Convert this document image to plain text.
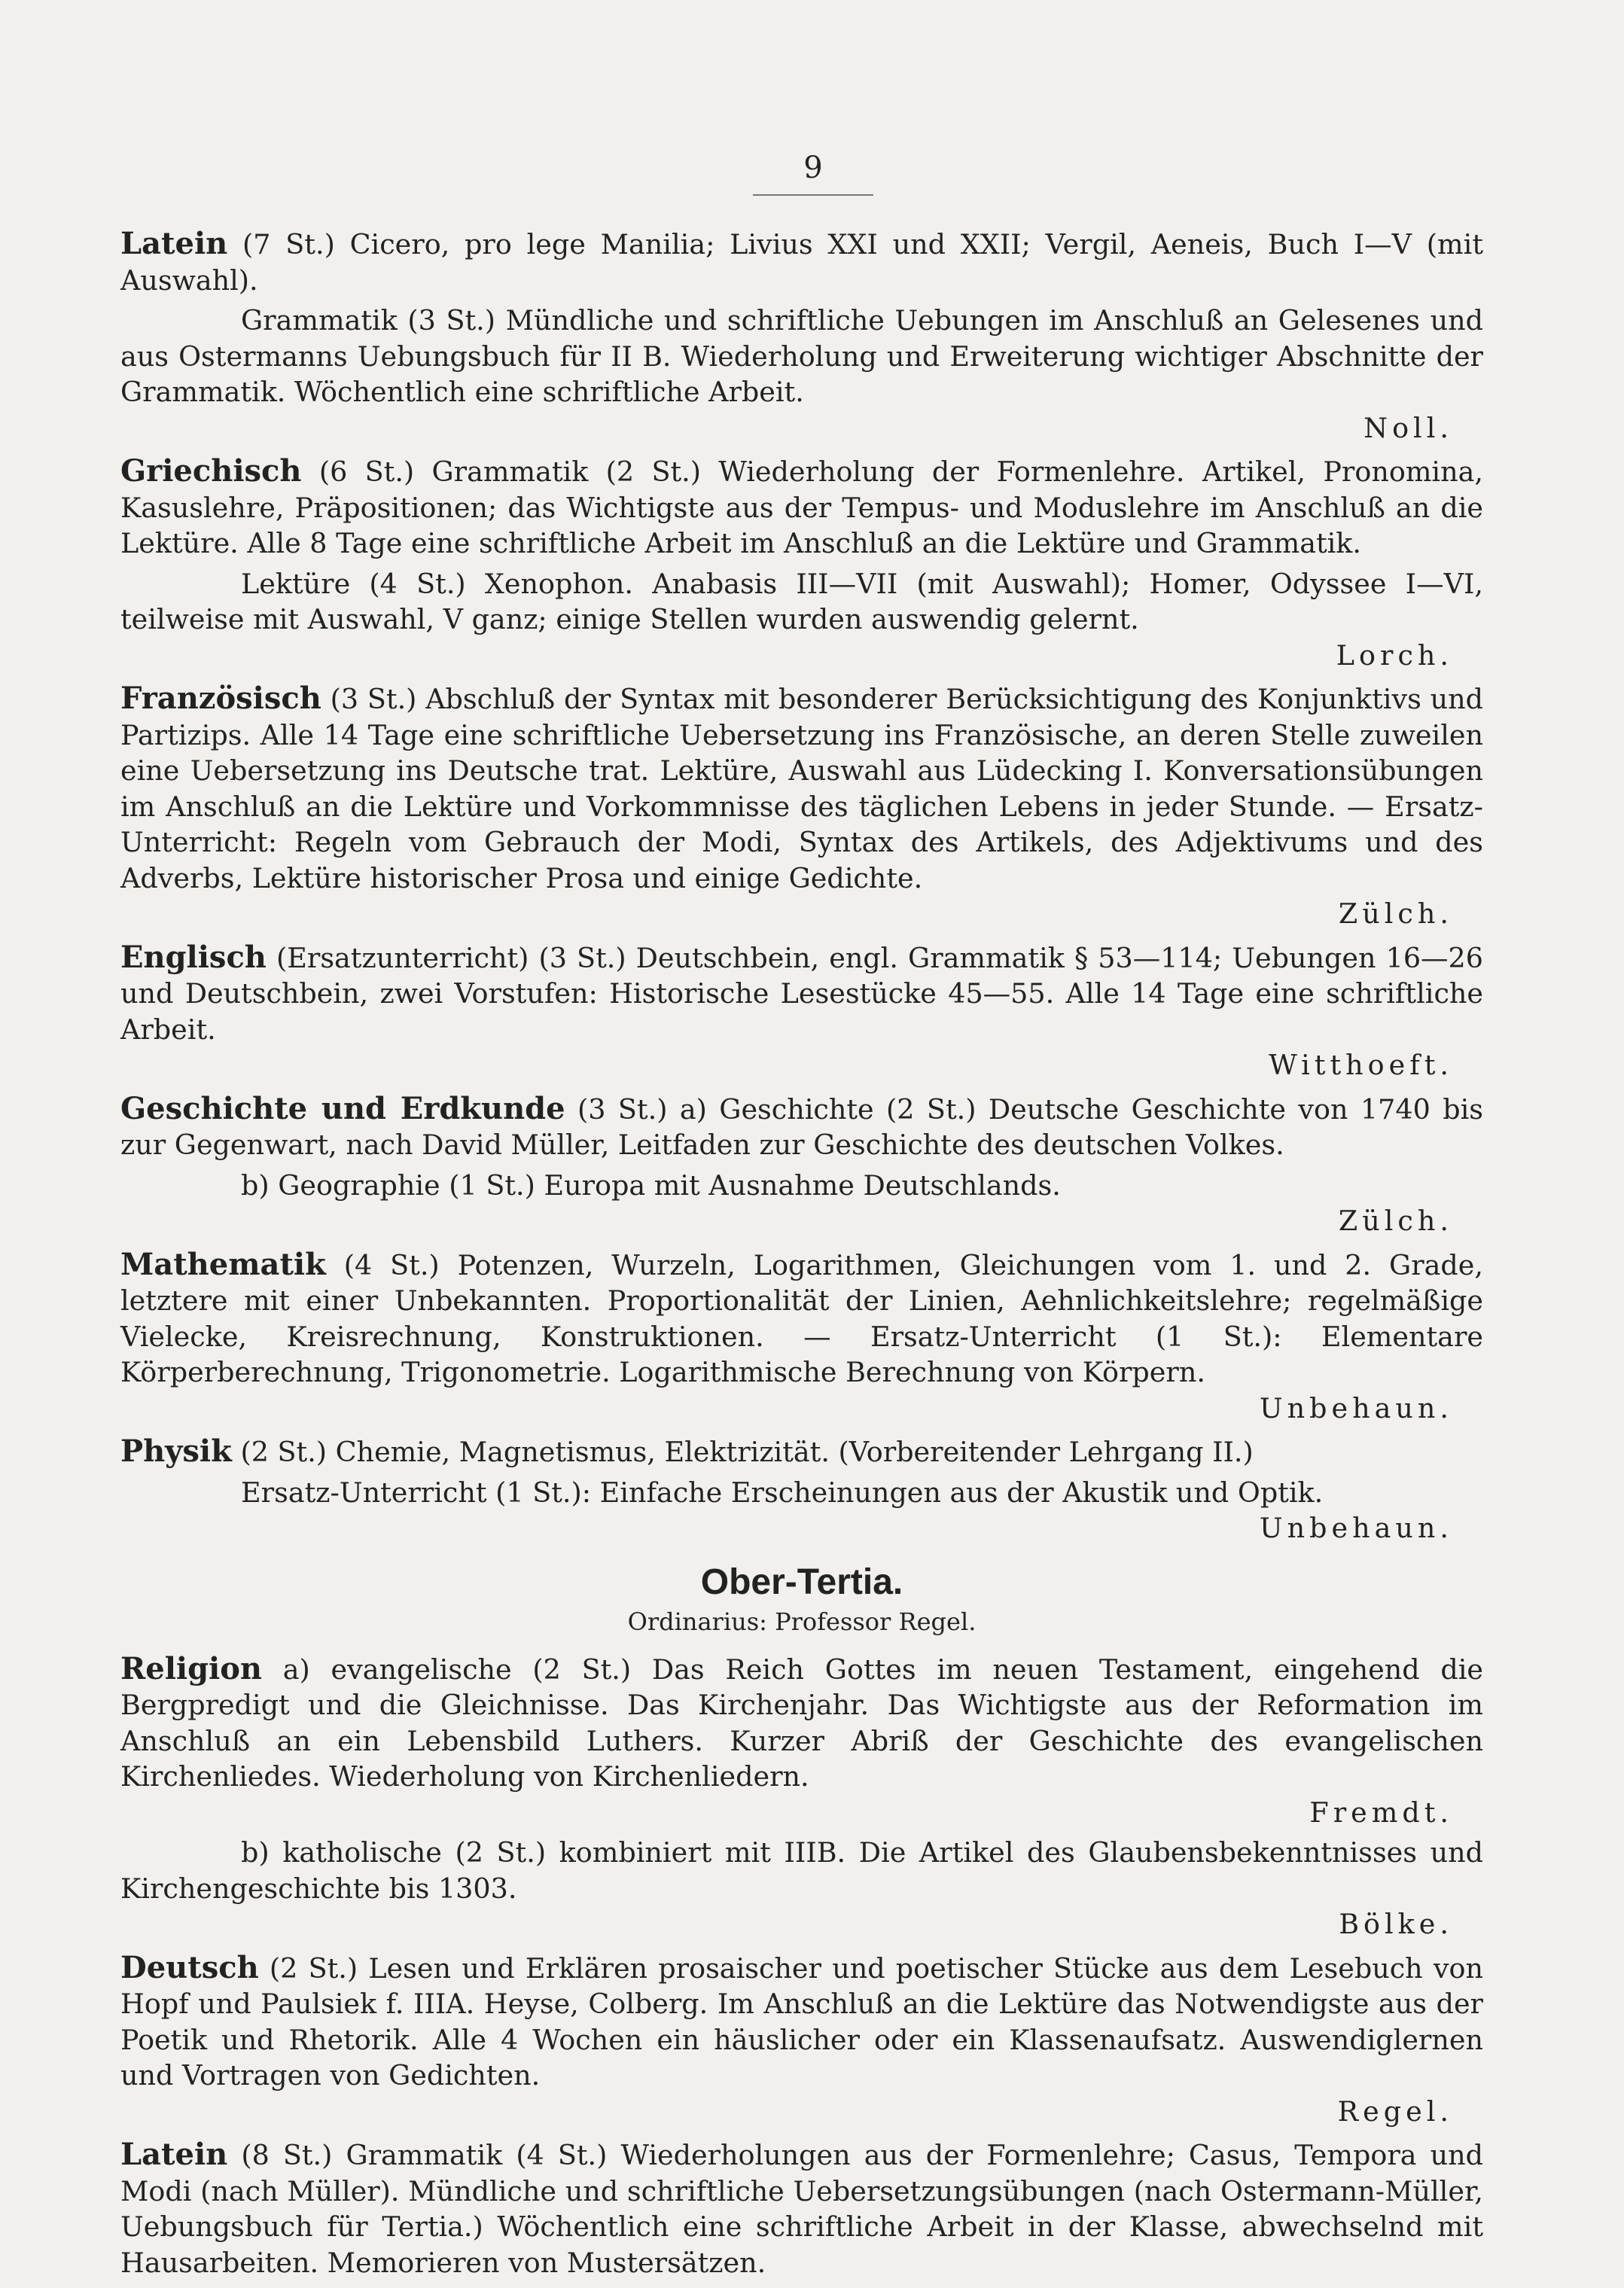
9

Latein (7 St.) Cicero, pro lege Manilia; Livius XXI und XXII; Vergil, Aeneis, Buch I—V (mit Auswahl).

Grammatik (3 St.) Mündliche und schriftliche Uebungen im Anschluß an Gelesenes und aus Ostermanns Uebungsbuch für II B. Wiederholung und Erweiterung wichtiger Abschnitte der Grammatik. Wöchentlich eine schriftliche Arbeit.

Noll.

Griechisch (6 St.) Grammatik (2 St.) Wiederholung der Formenlehre. Artikel, Pronomina, Kasuslehre, Präpositionen; das Wichtigste aus der Tempus- und Moduslehre im Anschluß an die Lektüre. Alle 8 Tage eine schriftliche Arbeit im Anschluß an die Lektüre und Grammatik.

Lektüre (4 St.) Xenophon. Anabasis III—VII (mit Auswahl); Homer, Odyssee I—VI, teilweise mit Auswahl, V ganz; einige Stellen wurden auswendig gelernt.

Lorch.

Französisch (3 St.) Abschluß der Syntax mit besonderer Berücksichtigung des Konjunktivs und Partizips. Alle 14 Tage eine schriftliche Uebersetzung ins Französische, an deren Stelle zuweilen eine Uebersetzung ins Deutsche trat. Lektüre, Auswahl aus Lüdecking I. Konversationsübungen im Anschluß an die Lektüre und Vorkommnisse des täglichen Lebens in jeder Stunde. — Ersatz-Unterricht: Regeln vom Gebrauch der Modi, Syntax des Artikels, des Adjektivums und des Adverbs, Lektüre historischer Prosa und einige Gedichte.

Zülch.

Englisch (Ersatzunterricht) (3 St.) Deutschbein, engl. Grammatik § 53—114; Uebungen 16—26 und Deutschbein, zwei Vorstufen: Historische Lesestücke 45—55. Alle 14 Tage eine schriftliche Arbeit.

Witthoeft.

Geschichte und Erdkunde (3 St.) a) Geschichte (2 St.) Deutsche Geschichte von 1740 bis zur Gegenwart, nach David Müller, Leitfaden zur Geschichte des deutschen Volkes.

b) Geographie (1 St.) Europa mit Ausnahme Deutschlands.

Zülch.

Mathematik (4 St.) Potenzen, Wurzeln, Logarithmen, Gleichungen vom 1. und 2. Grade, letztere mit einer Unbekannten. Proportionalität der Linien, Aehnlichkeitslehre; regelmäßige Vielecke, Kreisrechnung, Konstruktionen. — Ersatz-Unterricht (1 St.): Elementare Körperberechnung, Trigonometrie. Logarithmische Berechnung von Körpern.

Unbehaun.

Physik (2 St.) Chemie, Magnetismus, Elektrizität. (Vorbereitender Lehrgang II.)

Ersatz-Unterricht (1 St.): Einfache Erscheinungen aus der Akustik und Optik.

Unbehaun.

Ober-Tertia.
Ordinarius: Professor Regel.

Religion a) evangelische (2 St.) Das Reich Gottes im neuen Testament, eingehend die Bergpredigt und die Gleichnisse. Das Kirchenjahr. Das Wichtigste aus der Reformation im Anschluß an ein Lebensbild Luthers. Kurzer Abriß der Geschichte des evangelischen Kirchenliedes. Wiederholung von Kirchenliedern.

Fremdt.

b) katholische (2 St.) kombiniert mit IIIB. Die Artikel des Glaubensbekenntnisses und Kirchengeschichte bis 1303.

Bölke.

Deutsch (2 St.) Lesen und Erklären prosaischer und poetischer Stücke aus dem Lesebuch von Hopf und Paulsiek f. IIIA. Heyse, Colberg. Im Anschluß an die Lektüre das Notwendigste aus der Poetik und Rhetorik. Alle 4 Wochen ein häuslicher oder ein Klassenaufsatz. Auswendiglernen und Vortragen von Gedichten.

Regel.

Latein (8 St.) Grammatik (4 St.) Wiederholungen aus der Formenlehre; Casus, Tempora und Modi (nach Müller). Mündliche und schriftliche Uebersetzungsübungen (nach Ostermann-Müller, Uebungsbuch für Tertia.) Wöchentlich eine schriftliche Arbeit in der Klasse, abwechselnd mit Hausarbeiten. Memorieren von Mustersätzen.
